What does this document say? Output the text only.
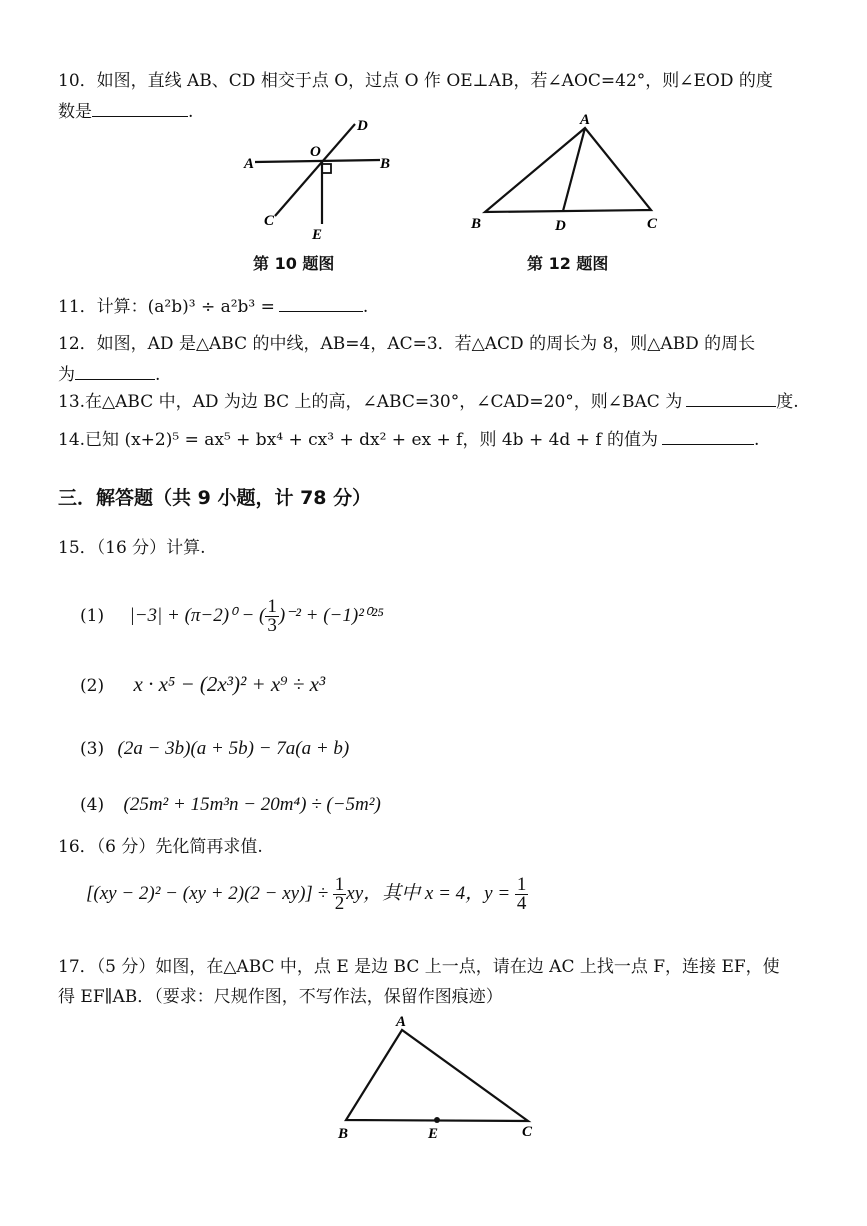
10．如图，直线 AB、CD 相交于点 O，过点 O 作 OE⊥AB，若∠AOC=42°，则∠EOD 的度
数是	.
A	B
C
D
E
O
第 10 题图
A
B	D	C
第 12 题图
11．计算：(a²b)³ ÷ a²b³ =	.
12．如图，AD 是△ABC 的中线，AB=4，AC=3．若△ACD 的周长为 8，则△ABD 的周长
为	.
13.在△ABC 中，AD 为边 BC 上的高，∠ABC=30°，∠CAD=20°，则∠BAC 为	度.
14.已知 (x+2)⁵ = ax⁵ + bx⁴ + cx³ + dx² + ex + f，则 4b + 4d + f 的值为	.
三．解答题（共 9 小题，计 78 分）
15．（16 分）计算.
(1) |−3| + (π−2)⁰ − ( $\frac{1}{3} )^{-2} + (-1)^{2025}$
(2) x · x⁵ − (2x³)² + x⁹ ÷ x³
(3) (2a − 3b)(a + 5b) − 7a(a + b)
(4) (25m² + 15m³n − 20m⁴) ÷ (−5m²)
16．（6 分）先化简再求值.
$[(xy - 2)^2 - (xy + 2)(2 - xy)] \div \frac{1}{2}$ xy，其中 x = 4，$y = \frac{1}{4}$
17．（5 分）如图，在△ABC 中，点 E 是边 BC 上一点，请在边 AC 上找一点 F，连接 EF，使
得 EF∥AB．（要求：尺规作图，不写作法，保留作图痕迹）
A
B	E	C
